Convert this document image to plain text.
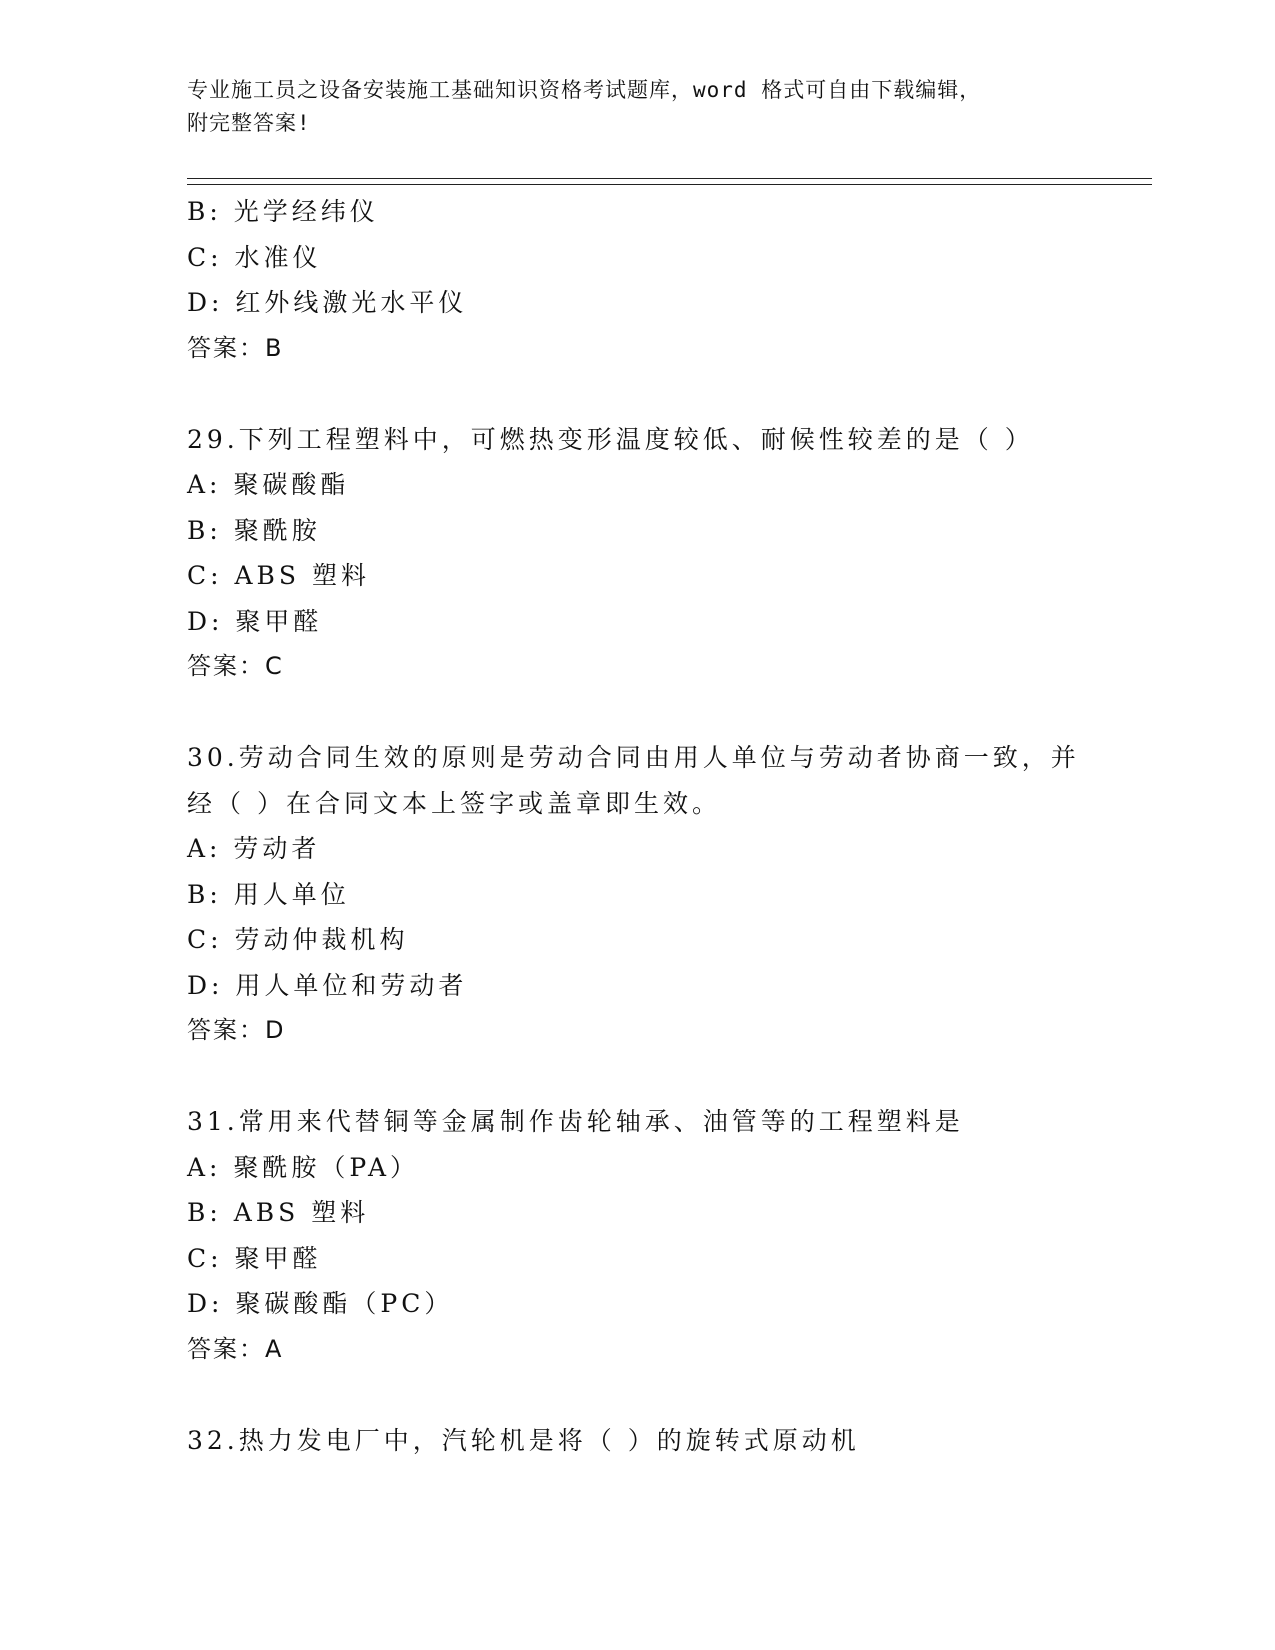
专业施工员之设备安装施工基础知识资格考试题库，word 格式可自由下载编辑，
附完整答案!
B: 光学经纬仪
C: 水准仪
D: 红外线激光水平仪
答案：B
29.下列工程塑料中，可燃热变形温度较低、耐候性较差的是（ ）
A: 聚碳酸酯
B: 聚酰胺
C: ABS 塑料
D: 聚甲醛
答案：C
30.劳动合同生效的原则是劳动合同由用人单位与劳动者协商一致，并
经（ ）在合同文本上签字或盖章即生效。
A: 劳动者
B: 用人单位
C: 劳动仲裁机构
D: 用人单位和劳动者
答案：D
31.常用来代替铜等金属制作齿轮轴承、油管等的工程塑料是
A: 聚酰胺（PA）
B: ABS 塑料
C: 聚甲醛
D: 聚碳酸酯（PC）
答案：A
32.热力发电厂中，汽轮机是将（ ）的旋转式原动机
